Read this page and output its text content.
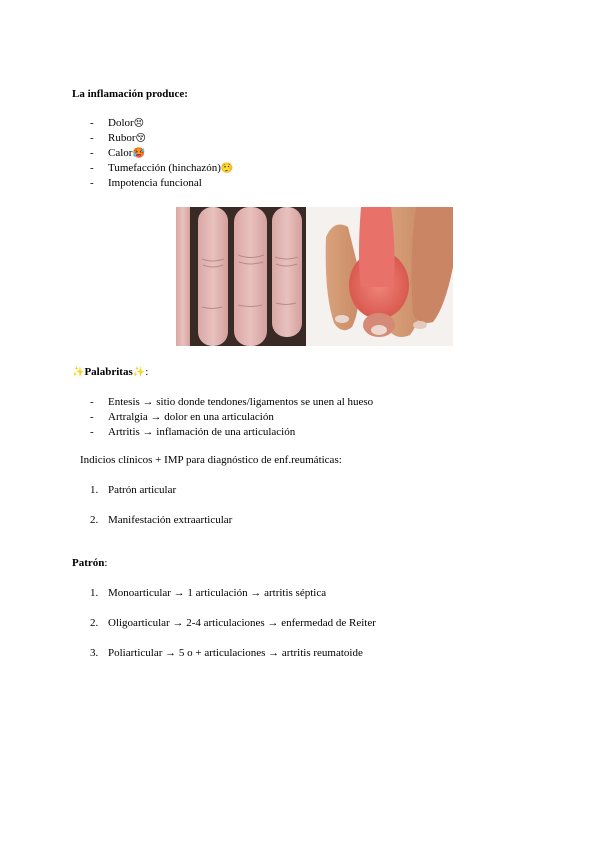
La inflamación produce:
- Dolor😣
- Rubor😚
- Calor🥵
- Tumefacción (hinchazón)🤥
- Impotencia funcional
✨Palabritas✨:
- Entesis → sitio donde tendones/ligamentos se unen al hueso
- Artralgia → dolor en una articulación
- Artritis → inflamación de una articulación
Indicios clínicos + IMP para diagnóstico de enf.reumáticas:
1. Patrón articular
2. Manifestación extraarticular
Patrón:
1. Monoarticular → 1 articulación → artritis séptica
2. Oligoarticular → 2-4 articulaciones → enfermedad de Reiter
3. Poliarticular → 5 o + articulaciones → artritis reumatoide
